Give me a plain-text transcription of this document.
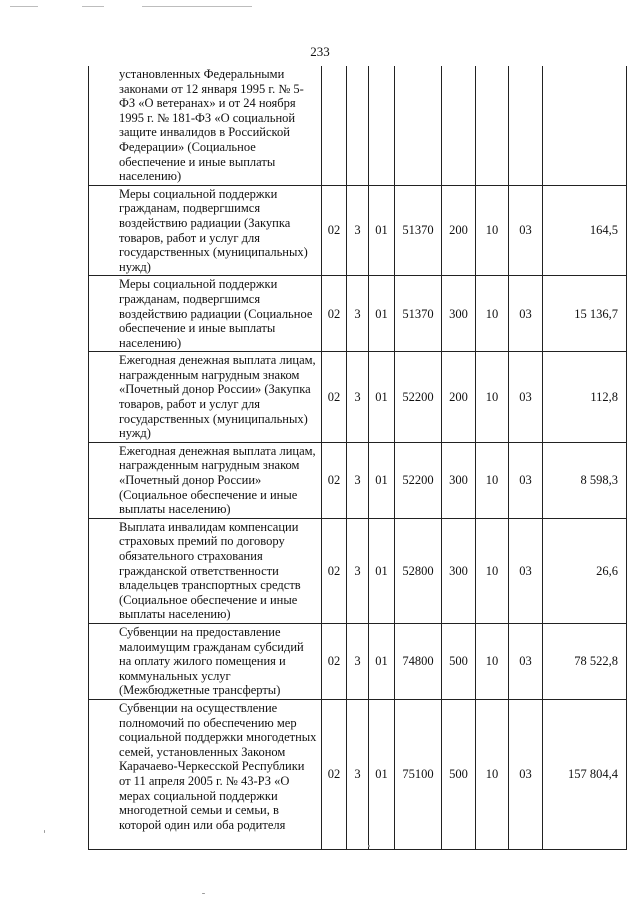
233
установленных Федеральными законами от 12 января 1995 г. № 5-ФЗ «О ветеранах» и от 24 ноября 1995 г. № 181-ФЗ «О социальной защите инвалидов в Российской Федерации» (Социальное обеспечение и иные выплаты населению)								
Меры социальной поддержки гражданам, подвергшимся воздействию радиации (Закупка товаров, работ и услуг для государственных (муниципальных) нужд)	02	3	01	51370	200	10	03	164,5
Меры социальной поддержки гражданам, подвергшимся воздействию радиации (Социальное обеспечение и иные выплаты населению)	02	3	01	51370	300	10	03	15 136,7
Ежегодная денежная выплата лицам, награжденным нагрудным знаком «Почетный донор России» (Закупка товаров, работ и услуг для государственных (муниципальных) нужд)	02	3	01	52200	200	10	03	112,8
Ежегодная денежная выплата лицам, награжденным нагрудным знаком «Почетный донор России» (Социальное обеспечение и иные выплаты населению)	02	3	01	52200	300	10	03	8 598,3
Выплата инвалидам компенсации страховых премий по договору обязательного страхования гражданской ответственности владельцев транспортных средств (Социальное обеспечение и иные выплаты населению)	02	3	01	52800	300	10	03	26,6
Субвенции на предоставление малоимущим гражданам субсидий на оплату жилого помещения и коммунальных услуг (Межбюджетные трансферты)	02	3	01	74800	500	10	03	78 522,8
Субвенции на осуществление полномочий по обеспечению мер социальной поддержки многодетных семей, установленных Законом Карачаево-Черкесской Республики от 11 апреля 2005 г. № 43-РЗ «О мерах социальной поддержки многодетной семьи и семьи, в которой один или оба родителя	02	3	01	75100	500	10	03	157 804,4
